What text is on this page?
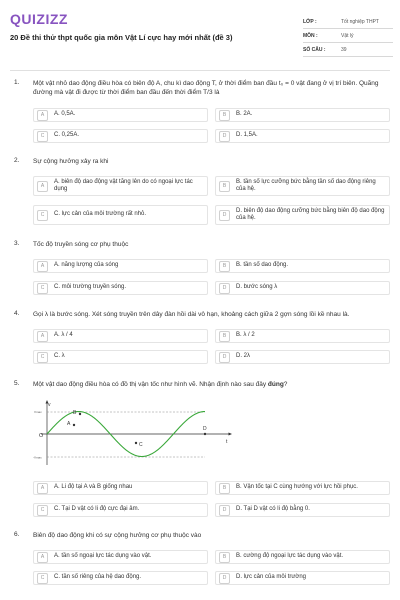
QUIZIZZ
20 Đề thi thử thpt quốc gia môn Vật Lí cực hay mới nhất (đề 3)
LỚP :	Tốt nghiệp THPT
MÔN :	Vật lý
SỐ CÂU :	39
1. Một vật nhỏ dao động điều hòa có biên độ A, chu kì dao động T, ở thời điểm ban đầu t₀ = 0 vật đang ở vị trí biên. Quãng đường mà vật đi được từ thời điểm ban đầu đến thời điểm T/3 là
A	A. 0,5A.	B	B. 2A.
C	C. 0,25A.	D	D. 1,5A.
2. Sự cộng hưởng xảy ra khi
A
A. biên độ dao động vật tăng lên do có ngoại lực tác dụng	B
B. tần số lực cưỡng bức bằng tần số dao động riêng của hệ.
C	C. lực cản của môi trường rất nhỏ.	D
D. biên độ dao động cưỡng bức bằng biên độ dao động của hệ.
3. Tốc độ truyền sóng cơ phụ thuộc
A	A. năng lượng của sóng	B	B. tần số dao động.
C	C. môi trường truyền sóng.	D	D. bước sóng λ
4. Gọi λ là bước sóng. Xét sóng truyền trên dây đàn hồi dài vô hạn, khoảng cách giữa 2 gợn sóng lồi kề nhau là.
A	A. λ / 4	B	B. λ / 2
C	C. λ	D	D. 2λ
5. Một vật dao động điều hòa có đồ thị vận tốc như hình vẽ. Nhận định nào sau đây đúng?
v
t
O
Vmax
-Vmax
A
B
C
D
A	A. Li độ tại A và B giống nhau	B	B. Vận tốc tại C cùng hướng với lực hồi phục.
C	C. Tại D vật có li độ cực đại âm.	D	D. Tại D vật có li độ bằng 0.
6. Biên độ dao động khi có sự cộng hưởng cơ phụ thuộc vào
A	A. tần số ngoại lực tác dụng vào vật.	B	B. cường độ ngoại lực tác dụng vào vật.
C	C. tần số riêng của hệ dao động.	D	D. lực cản của môi trường
